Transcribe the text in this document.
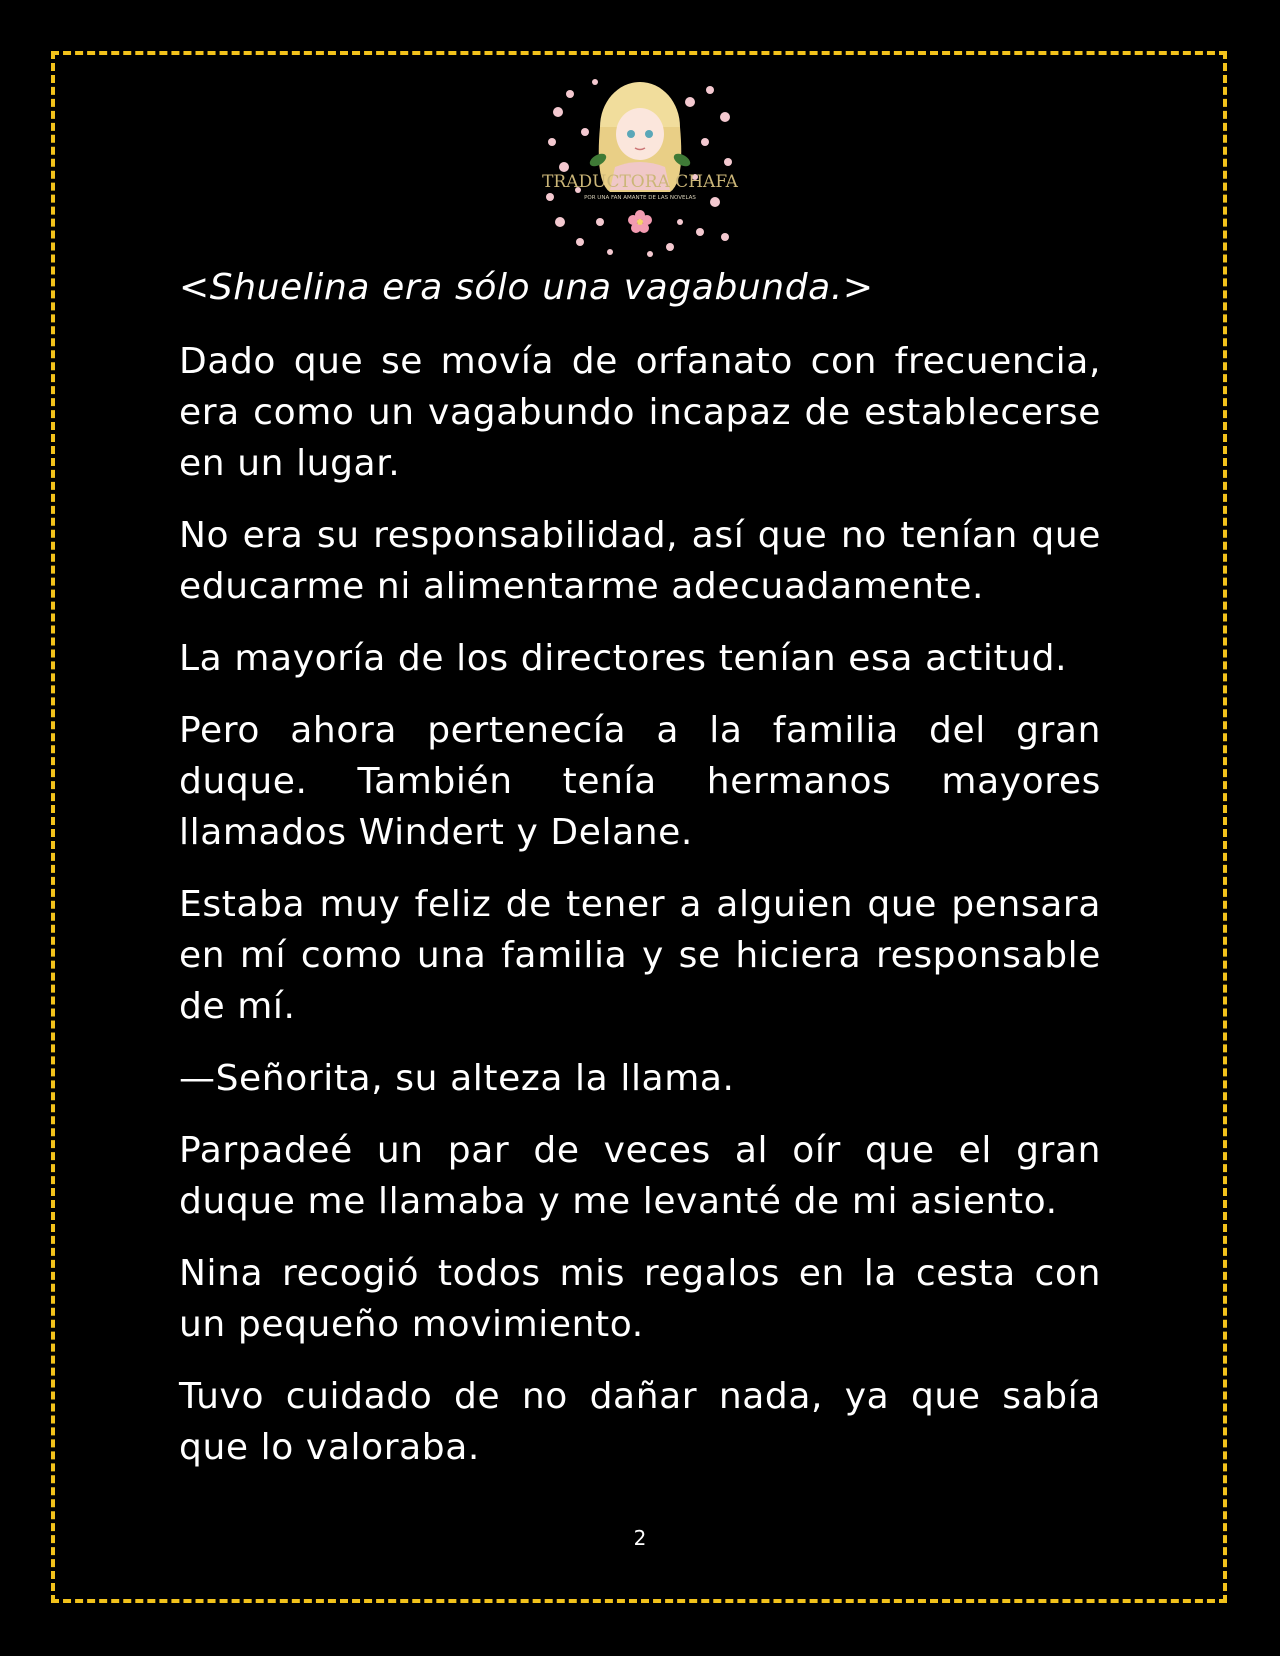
TRADUCTORA CHAFA
POR UNA FAN AMANTE DE LAS NOVELAS

<Shuelina era sólo una vagabunda.>

Dado que se movía de orfanato con frecuencia, era como un vagabundo incapaz de establecerse en un lugar.

No era su responsabilidad, así que no tenían que educarme ni alimentarme adecuadamente.

La mayoría de los directores tenían esa actitud.

Pero ahora pertenecía a la familia del gran duque. También tenía hermanos mayores llamados Windert y Delane.

Estaba muy feliz de tener a alguien que pensara en mí como una familia y se hiciera responsable de mí.

—Señorita, su alteza la llama.

Parpadeé un par de veces al oír que el gran duque me llamaba y me levanté de mi asiento.

Nina recogió todos mis regalos en la cesta con un pequeño movimiento.

Tuvo cuidado de no dañar nada, ya que sabía que lo valoraba.

2
